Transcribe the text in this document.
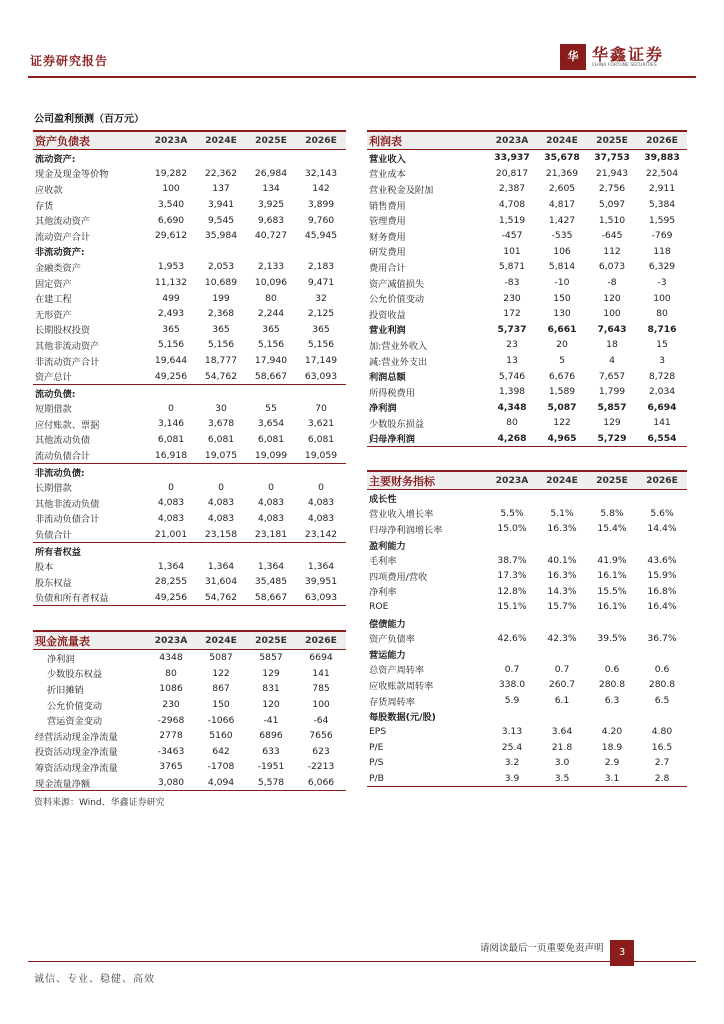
证券研究报告	华 华鑫证券
CHINA FORTUNE SECURITIES
公司盈利预测（百万元）
资产负债表	2023A	2024E	2025E	2026E
流动资产:				
现金及现金等价物	19,282	22,362	26,984	32,143
应收款	100	137	134	142
存货	3,540	3,941	3,925	3,899
其他流动资产	6,690	9,545	9,683	9,760
流动资产合计	29,612	35,984	40,727	45,945
非流动资产:				
金融类资产	1,953	2,053	2,133	2,183
固定资产	11,132	10,689	10,096	9,471
在建工程	499	199	80	32
无形资产	2,493	2,368	2,244	2,125
长期股权投资	365	365	365	365
其他非流动资产	5,156	5,156	5,156	5,156
非流动资产合计	19,644	18,777	17,940	17,149
资产总计	49,256	54,762	58,667	63,093
流动负债:				
短期借款	0	30	55	70
应付账款、票据	3,146	3,678	3,654	3,621
其他流动负债	6,081	6,081	6,081	6,081
流动负债合计	16,918	19,075	19,099	19,059
非流动负债:				
长期借款	0	0	0	0
其他非流动负债	4,083	4,083	4,083	4,083
非流动负债合计	4,083	4,083	4,083	4,083
负债合计	21,001	23,158	23,181	23,142
所有者权益				
股本	1,364	1,364	1,364	1,364
股东权益	28,255	31,604	35,485	39,951
负债和所有者权益	49,256	54,762	58,667	63,093
利润表	2023A	2024E	2025E	2026E
营业收入	33,937	35,678	37,753	39,883
营业成本	20,817	21,369	21,943	22,504
营业税金及附加	2,387	2,605	2,756	2,911
销售费用	4,708	4,817	5,097	5,384
管理费用	1,519	1,427	1,510	1,595
财务费用	-457	-535	-645	-769
研发费用	101	106	112	118
费用合计	5,871	5,814	6,073	6,329
资产减值损失	-83	-10	-8	-3
公允价值变动	230	150	120	100
投资收益	172	130	100	80
营业利润	5,737	6,661	7,643	8,716
加:营业外收入	23	20	18	15
减:营业外支出	13	5	4	3
利润总额	5,746	6,676	7,657	8,728
所得税费用	1,398	1,589	1,799	2,034
净利润	4,348	5,087	5,857	6,694
少数股东损益	80	122	129	141
归母净利润	4,268	4,965	5,729	6,554
主要财务指标	2023A	2024E	2025E	2026E
成长性				
营业收入增长率	5.5%	5.1%	5.8%	5.6%
归母净利润增长率	15.0%	16.3%	15.4%	14.4%
盈利能力				
毛利率	38.7%	40.1%	41.9%	43.6%
四项费用/营收	17.3%	16.3%	16.1%	15.9%
净利率	12.8%	14.3%	15.5%	16.8%
ROE	15.1%	15.7%	16.1%	16.4%
偿债能力				
资产负债率	42.6%	42.3%	39.5%	36.7%
营运能力				
总资产周转率	0.7	0.7	0.6	0.6
应收账款周转率	338.0	260.7	280.8	280.8
存货周转率	5.9	6.1	6.3	6.5
每股数据(元/股)				
EPS	3.13	3.64	4.20	4.80
P/E	25.4	21.8	18.9	16.5
P/S	3.2	3.0	2.9	2.7
P/B	3.9	3.5	3.1	2.8
现金流量表	2023A	2024E	2025E	2026E
净利润	4348	5087	5857	6694
少数股东权益	80	122	129	141
折旧摊销	1086	867	831	785
公允价值变动	230	150	120	100
营运资金变动	-2968	-1066	-41	-64
经营活动现金净流量	2778	5160	6896	7656
投资活动现金净流量	-3463	642	633	623
筹资活动现金净流量	3765	-1708	-1951	-2213
现金流量净额	3,080	4,094	5,578	6,066
资料来源：Wind、华鑫证券研究
请阅读最后一页重要免责声明	3
诚信、专业、稳健、高效
